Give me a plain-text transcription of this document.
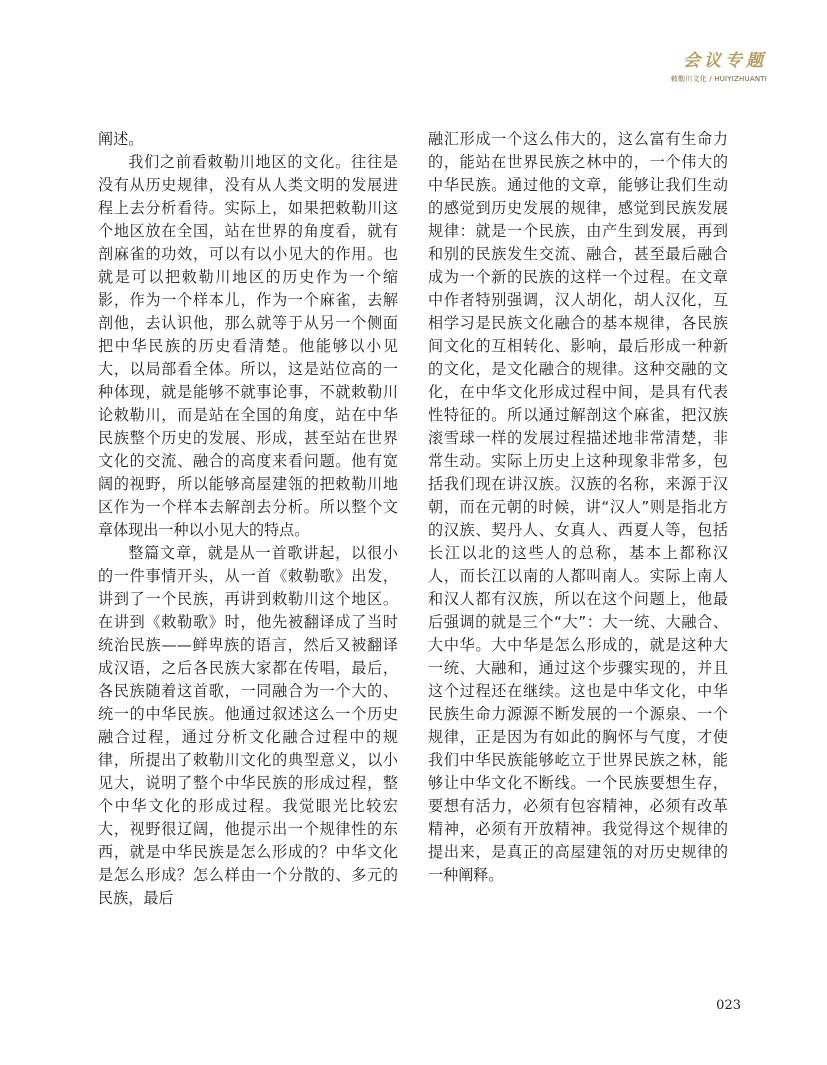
会议专题
敕勒川文化 / HUIYIZHUANTI

阐述。

我们之前看敕勒川地区的文化。往往是没有从历史规律，没有从人类文明的发展进程上去分析看待。实际上，如果把敕勒川这个地区放在全国，站在世界的角度看，就有剖麻雀的功效，可以有以小见大的作用。也就是可以把敕勒川地区的历史作为一个缩影，作为一个样本儿，作为一个麻雀，去解剖他，去认识他，那么就等于从另一个侧面把中华民族的历史看清楚。他能够以小见大，以局部看全体。所以，这是站位高的一种体现，就是能够不就事论事，不就敕勒川论敕勒川，而是站在全国的角度，站在中华民族整个历史的发展、形成，甚至站在世界文化的交流、融合的高度来看问题。他有宽阔的视野，所以能够高屋建瓴的把敕勒川地区作为一个样本去解剖去分析。所以整个文章体现出一种以小见大的特点。

整篇文章，就是从一首歌讲起，以很小的一件事情开头，从一首《敕勒歌》出发，讲到了一个民族，再讲到敕勒川这个地区。在讲到《敕勒歌》时，他先被翻译成了当时统治民族——鲜卑族的语言，然后又被翻译成汉语，之后各民族大家都在传唱，最后，各民族随着这首歌，一同融合为一个大的、统一的中华民族。他通过叙述这么一个历史融合过程，通过分析文化融合过程中的规律，所提出了敕勒川文化的典型意义，以小见大，说明了整个中华民族的形成过程，整个中华文化的形成过程。我觉眼光比较宏大，视野很辽阔，他提示出一个规律性的东西，就是中华民族是怎么形成的？中华文化是怎么形成？怎么样由一个分散的、多元的民族，最后

融汇形成一个这么伟大的，这么富有生命力的，能站在世界民族之林中的，一个伟大的中华民族。通过他的文章，能够让我们生动的感觉到历史发展的规律，感觉到民族发展规律：就是一个民族，由产生到发展，再到和别的民族发生交流、融合，甚至最后融合成为一个新的民族的这样一个过程。在文章中作者特别强调，汉人胡化，胡人汉化，互相学习是民族文化融合的基本规律，各民族间文化的互相转化、影响，最后形成一种新的文化，是文化融合的规律。这种交融的文化，在中华文化形成过程中间，是具有代表性特征的。所以通过解剖这个麻雀，把汉族滚雪球一样的发展过程描述地非常清楚，非常生动。实际上历史上这种现象非常多，包括我们现在讲汉族。汉族的名称，来源于汉朝，而在元朝的时候，讲“汉人”则是指北方的汉族、契丹人、女真人、西夏人等，包括长江以北的这些人的总称，基本上都称汉人，而长江以南的人都叫南人。实际上南人和汉人都有汉族，所以在这个问题上，他最后强调的就是三个“大”：大一统、大融合、大中华。大中华是怎么形成的，就是这种大一统、大融和，通过这个步骤实现的，并且这个过程还在继续。这也是中华文化，中华民族生命力源源不断发展的一个源泉、一个规律，正是因为有如此的胸怀与气度，才使我们中华民族能够屹立于世界民族之林，能够让中华文化不断线。一个民族要想生存，要想有活力，必须有包容精神，必须有改革精神，必须有开放精神。我觉得这个规律的提出来，是真正的高屋建瓴的对历史规律的一种阐释。

023
